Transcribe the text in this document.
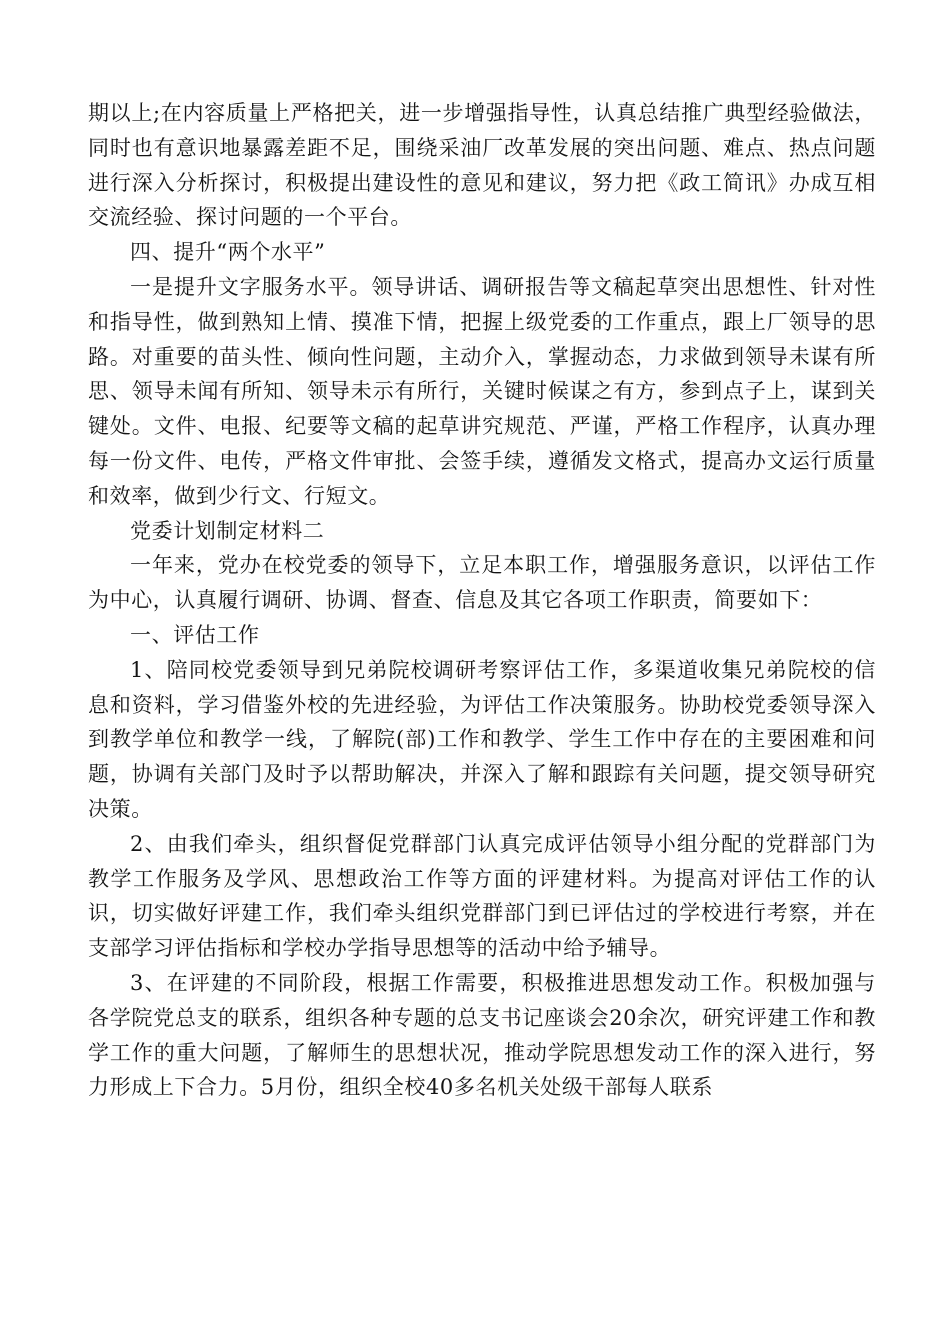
期以上;在内容质量上严格把关，进一步增强指导性，认真总结推广典型经验做法，同时也有意识地暴露差距不足，围绕采油厂改革发展的突出问题、难点、热点问题进行深入分析探讨，积极提出建设性的意见和建议，努力把《政工简讯》办成互相交流经验、探讨问题的一个平台。

四、提升“两个水平”

一是提升文字服务水平。领导讲话、调研报告等文稿起草突出思想性、针对性和指导性，做到熟知上情、摸准下情，把握上级党委的工作重点，跟上厂领导的思路。对重要的苗头性、倾向性问题，主动介入，掌握动态，力求做到领导未谋有所思、领导未闻有所知、领导未示有所行，关键时候谋之有方，参到点子上，谋到关键处。文件、电报、纪要等文稿的起草讲究规范、严谨，严格工作程序，认真办理每一份文件、电传，严格文件审批、会签手续，遵循发文格式，提高办文运行质量和效率，做到少行文、行短文。

党委计划制定材料二

一年来，党办在校党委的领导下，立足本职工作，增强服务意识，以评估工作为中心，认真履行调研、协调、督查、信息及其它各项工作职责，简要如下：

一、评估工作

1、陪同校党委领导到兄弟院校调研考察评估工作，多渠道收集兄弟院校的信息和资料，学习借鉴外校的先进经验，为评估工作决策服务。协助校党委领导深入到教学单位和教学一线，了解院(部)工作和教学、学生工作中存在的主要困难和问题，协调有关部门及时予以帮助解决，并深入了解和跟踪有关问题，提交领导研究决策。

2、由我们牵头，组织督促党群部门认真完成评估领导小组分配的党群部门为教学工作服务及学风、思想政治工作等方面的评建材料。为提高对评估工作的认识，切实做好评建工作，我们牵头组织党群部门到已评估过的学校进行考察，并在支部学习评估指标和学校办学指导思想等的活动中给予辅导。

3、在评建的不同阶段，根据工作需要，积极推进思想发动工作。积极加强与各学院党总支的联系，组织各种专题的总支书记座谈会20余次，研究评建工作和教学工作的重大问题，了解师生的思想状况，推动学院思想发动工作的深入进行，努力形成上下合力。5月份，组织全校40多名机关处级干部每人联系
